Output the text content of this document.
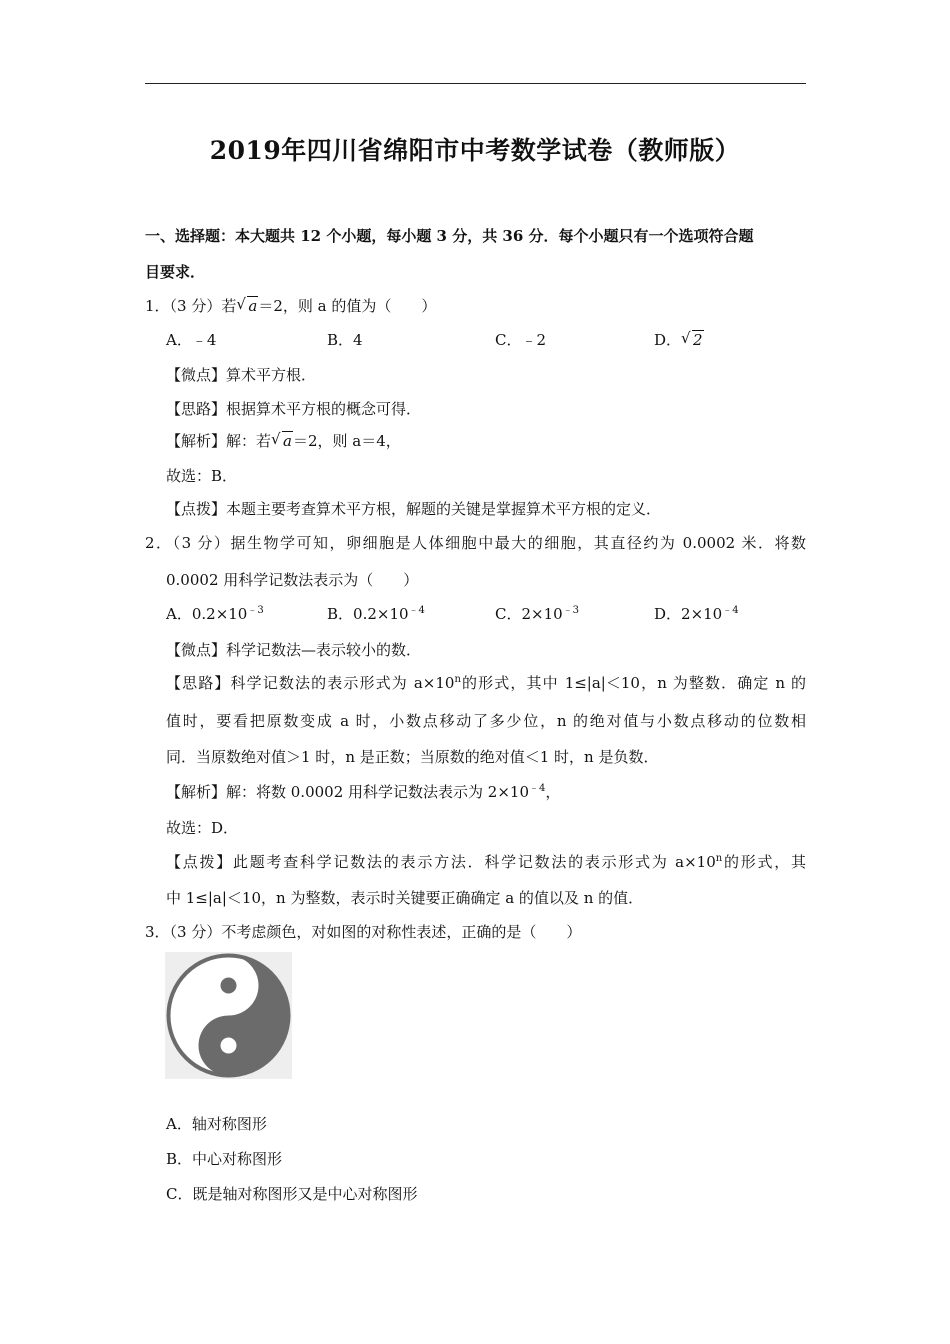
2019年四川省绵阳市中考数学试卷（教师版）
一、选择题：本大题共 12 个小题，每小题 3 分，共 36 分．每个小题只有一个选项符合题
目要求．
1．（3 分）若 √ a＝2，则 a 的值为（　　）
A．﹣4	B．4	C．﹣2	D． √ 2
【微点】算术平方根．
【思路】根据算术平方根的概念可得．
【解析】解：若 √ a＝2，则 a＝4，
故选：B．
【点拨】本题主要考查算术平方根，解题的关键是掌握算术平方根的定义．
2．（3 分）据生物学可知，卵细胞是人体细胞中最大的细胞，其直径约为 0.0002 米．将数
0.0002 用科学记数法表示为（　　）
A．$0.2\times 10^{﹣3}$	B．$0.2\times 10^{﹣4}$	C．$2\times 10^{﹣3}$	D．$2\times 10^{﹣4}$
【微点】科学记数法—表示较小的数．
【思路】科学记数法的表示形式为 $a\times 10^n$的形式，其中 1≤|a|＜10，n 为整数．确定 n 的
值时，要看把原数变成 a 时，小数点移动了多少位，n 的绝对值与小数点移动的位数相
同．当原数绝对值＞1 时，n 是正数；当原数的绝对值＜1 时，n 是负数．
【解析】解：将数 0.0002 用科学记数法表示为 $2\times 10^{﹣4}$，
故选：D．
【点拨】此题考查科学记数法的表示方法．科学记数法的表示形式为 $a\times 10^n$的形式，其
中 1≤|a|＜10，n 为整数，表示时关键要正确确定 a 的值以及 n 的值．
3．（3 分）不考虑颜色，对如图的对称性表述，正确的是（　　）
A．轴对称图形
B．中心对称图形
C．既是轴对称图形又是中心对称图形
